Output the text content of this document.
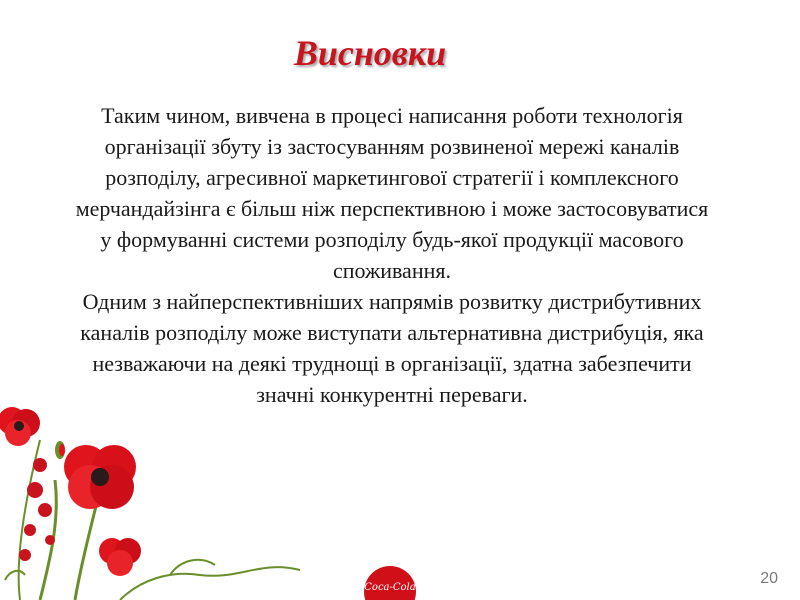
Висновки

Таким чином, вивчена в процесі написання роботи технологія організації збуту із застосуванням розвиненої мережі каналів розподілу, агресивної маркетингової стратегії і комплексного мерчандайзінга є більш ніж перспективною і може застосовуватися у формуванні системи розподілу будь-якої продукції масового споживання.

Одним з найперспективніших напрямів розвитку дистрибутивних каналів розподілу може виступати альтернативна дистрибуція, яка незважаючи на деякі труднощі в організації, здатна забезпечити значні конкурентні переваги.

Coca-Cola
20
